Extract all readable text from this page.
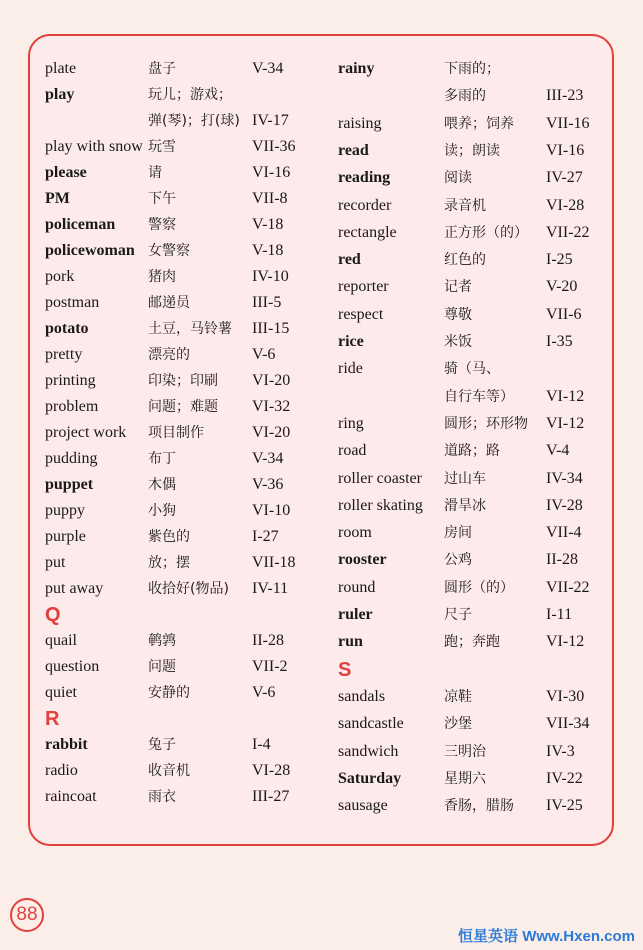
plate	盘子	V-34
play	玩儿；游戏；
弹(琴)；打(球) IV-17
play with snow 玩雪	VII-36
please	请	VI-16
PM	下午	VII-8
policeman 警察	V-18
policewoman 女警察	V-18
pork	猪肉	IV-10
postman	邮递员	III-5
potato	土豆，马铃薯 III-15
pretty	漂亮的	V-6
printing	印染；印刷 VI-20
problem	问题；难题 VI-32
project work 项目制作	VI-20
pudding	布丁	V-34
puppet	木偶	V-36
puppy	小狗	VI-10
purple	紫色的	I-27
put	放；摆	VII-18
put away	收拾好(物品) IV-11
Q
quail	鹌鹑	II-28
question	问题	VII-2
quiet	安静的	V-6
R
rabbit	兔子	I-4
radio	收音机	VI-28
raincoat	雨衣	III-27
rainy	下雨的；
多雨的	III-23
raising	喂养；饲养 VII-16
read	读；朗读	VI-16
reading	阅读	IV-27
recorder	录音机	VI-28
rectangle	正方形（的） VII-22
red	红色的	I-25
reporter	记者	V-20
respect	尊敬	VII-6
rice	米饭	I-35
ride	骑（马、
自行车等） VI-12
ring	圆形；环形物 VI-12
road	道路；路	V-4
roller coaster 过山车	IV-34
roller skating 滑旱冰	IV-28
room	房间	VII-4
rooster	公鸡	II-28
round	圆形（的） VII-22
ruler	尺子	I-11
run	跑；奔跑	VI-12
S
sandals	凉鞋	VI-30
sandcastle	沙堡	VII-34
sandwich	三明治	IV-3
Saturday	星期六	IV-22
sausage	香肠，腊肠 IV-25
88
恒星英语 Www.Hxen.com
